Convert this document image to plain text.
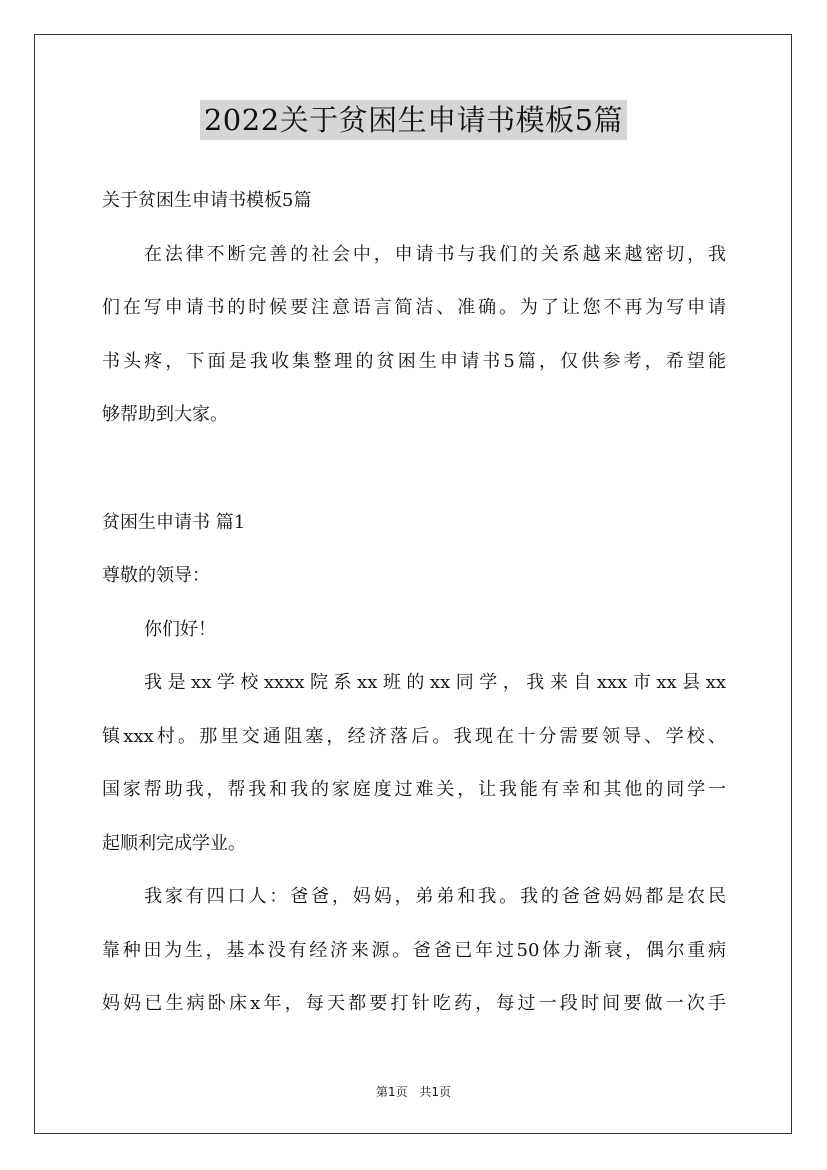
2022关于贫困生申请书模板5篇

关于贫困生申请书模板5篇

在法律不断完善的社会中，申请书与我们的关系越来越密切，我

们在写申请书的时候要注意语言简洁、准确。为了让您不再为写申请

书头疼，下面是我收集整理的贫困生申请书5篇，仅供参考，希望能

够帮助到大家。

贫困生申请书 篇1

尊敬的领导：

你们好！

我是xx学校xxxx院系xx班的xx同学，我来自xxx市xx县xx

镇xxx村。那里交通阻塞，经济落后。我现在十分需要领导、学校、

国家帮助我，帮我和我的家庭度过难关，让我能有幸和其他的同学一

起顺利完成学业。

我家有四口人：爸爸，妈妈，弟弟和我。我的爸爸妈妈都是农民

靠种田为生，基本没有经济来源。爸爸已年过50体力渐衰，偶尔重病

妈妈已生病卧床x年，每天都要打针吃药，每过一段时间要做一次手

第1页 共1页
